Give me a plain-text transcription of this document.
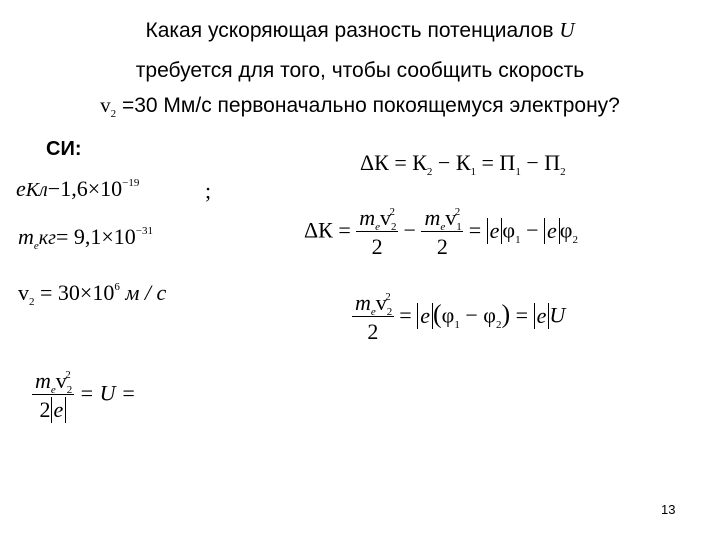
Какая ускоряющая разность потенциалов U
требуется для того, чтобы сообщить скорость
$v_2 =30$ Мм/с первоначально покоящемуся электрону?
СИ:
$eКл-1,6\times 10^{-19}$	;
$m_eкг= 9,1\times 10^{-31}$
$v_2 = 30\times 10^6$ м / с
$\frac{m_ev_2^2}{2 e} = U$ =
$\Delta К = К_2 - К_1 = П_1 - П_2$
$\Delta К = \frac{m_ev_2^2}{2} - \frac{m_ev_1^2}{2} = e$ $\varphi_1 - e$ $\varphi_2$
$\frac{m_ev_2^2}{2} = e$ $(\varphi_1 - \varphi_2) = e$ U
13
